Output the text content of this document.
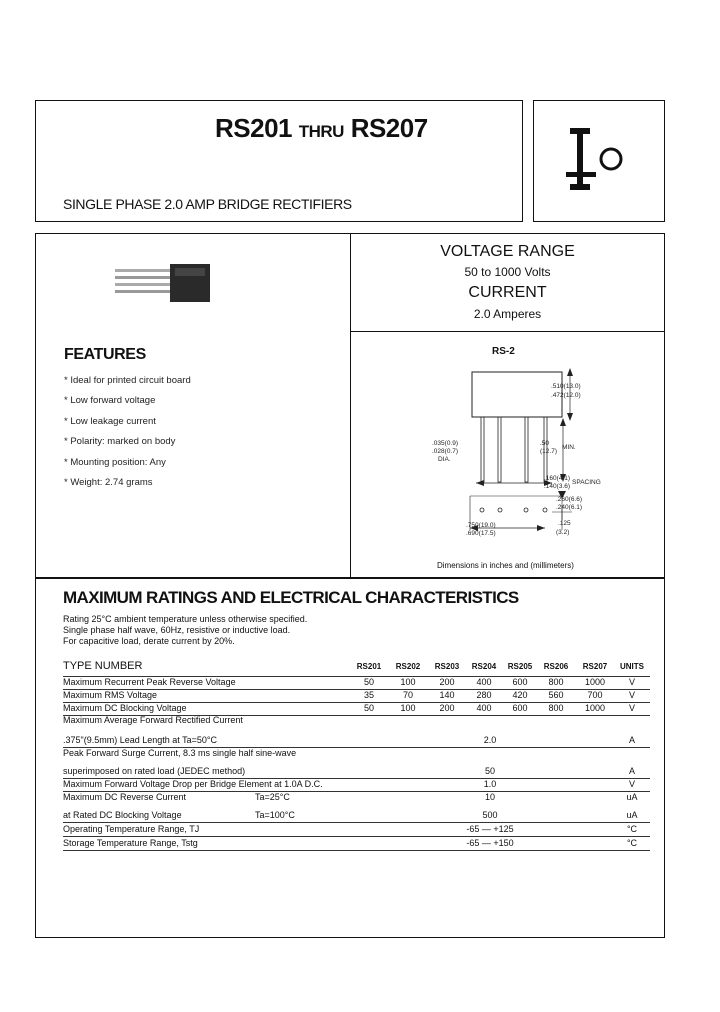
RS201 THRU RS207
SINGLE PHASE 2.0 AMP BRIDGE RECTIFIERS
VOLTAGE RANGE
50 to 1000 Volts
CURRENT
2.0 Amperes
FEATURES
* Ideal for printed circuit board
* Low forward voltage
* Low leakage current
* Polarity: marked on body
* Mounting position: Any
* Weight: 2.74 grams
RS-2
.510(13.0)
.472(12.0)
.035(0.9)
.028(0.7)
DIA.
.50
(12.7)
MIN.
.160(4.1)
.140(3.6)
SPACING
.260(6.6)
.240(6.1)
.750(19.0)
.690(17.5)
.125
(3.2)
Dimensions in inches and (millimeters)
MAXIMUM RATINGS AND ELECTRICAL CHARACTERISTICS
Rating 25°C ambient temperature unless otherwise specified.
Single phase half wave, 60Hz, resistive or inductive load.
For capacitive load, derate current by 20%.
TYPE NUMBER	RS201	RS202	RS203	RS204	RS205	RS206	RS207	UNITS
Maximum Recurrent Peak Reverse Voltage	50	100	200	400	600	800	1000	V
Maximum RMS Voltage	35	70	140	280	420	560	700	V
Maximum DC Blocking Voltage	50	100	200	400	600	800	1000	V
Maximum Average Forward Rectified Current
.375"(9.5mm) Lead Length at Ta=50°C	2.0	A
Peak Forward Surge Current, 8.3 ms single half sine-wave
superimposed on rated load (JEDEC method)	50	A
Maximum Forward Voltage Drop per Bridge Element at 1.0A D.C.	1.0	V
Maximum DC Reverse Current	Ta=25°C	10	uA
at Rated DC Blocking Voltage	Ta=100°C	500	uA
Operating Temperature Range, TJ	-65 — +125	°C
Storage Temperature Range, Tstg	-65 — +150	°C
